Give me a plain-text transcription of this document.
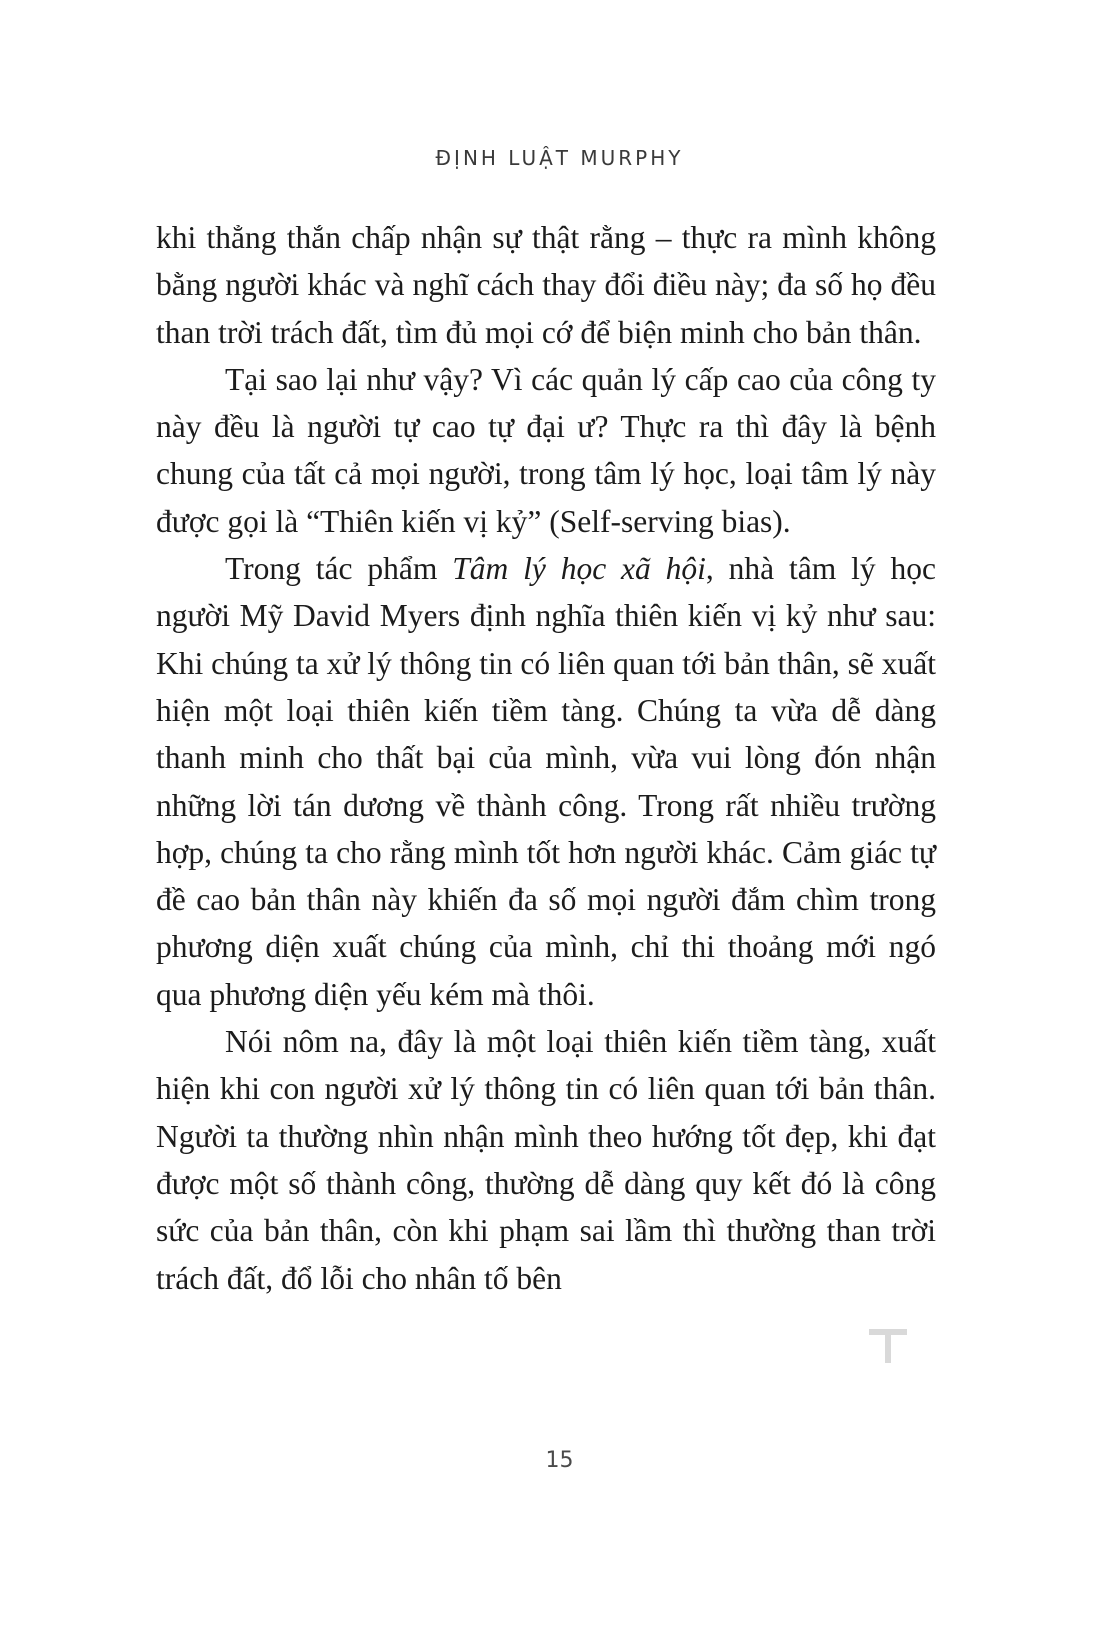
ĐỊNH LUẬT MURPHY

khi thẳng thắn chấp nhận sự thật rằng – thực ra mình không bằng người khác và nghĩ cách thay đổi điều này; đa số họ đều than trời trách đất, tìm đủ mọi cớ để biện minh cho bản thân.

Tại sao lại như vậy? Vì các quản lý cấp cao của công ty này đều là người tự cao tự đại ư? Thực ra thì đây là bệnh chung của tất cả mọi người, trong tâm lý học, loại tâm lý này được gọi là “Thiên kiến vị kỷ” (Self-serving bias).

Trong tác phẩm Tâm lý học xã hội, nhà tâm lý học người Mỹ David Myers định nghĩa thiên kiến vị kỷ như sau: Khi chúng ta xử lý thông tin có liên quan tới bản thân, sẽ xuất hiện một loại thiên kiến tiềm tàng. Chúng ta vừa dễ dàng thanh minh cho thất bại của mình, vừa vui lòng đón nhận những lời tán dương về thành công. Trong rất nhiều trường hợp, chúng ta cho rằng mình tốt hơn người khác. Cảm giác tự đề cao bản thân này khiến đa số mọi người đắm chìm trong phương diện xuất chúng của mình, chỉ thi thoảng mới ngó qua phương diện yếu kém mà thôi.

Nói nôm na, đây là một loại thiên kiến tiềm tàng, xuất hiện khi con người xử lý thông tin có liên quan tới bản thân. Người ta thường nhìn nhận mình theo hướng tốt đẹp, khi đạt được một số thành công, thường dễ dàng quy kết đó là công sức của bản thân, còn khi phạm sai lầm thì thường than trời trách đất, đổ lỗi cho nhân tố bên

15
